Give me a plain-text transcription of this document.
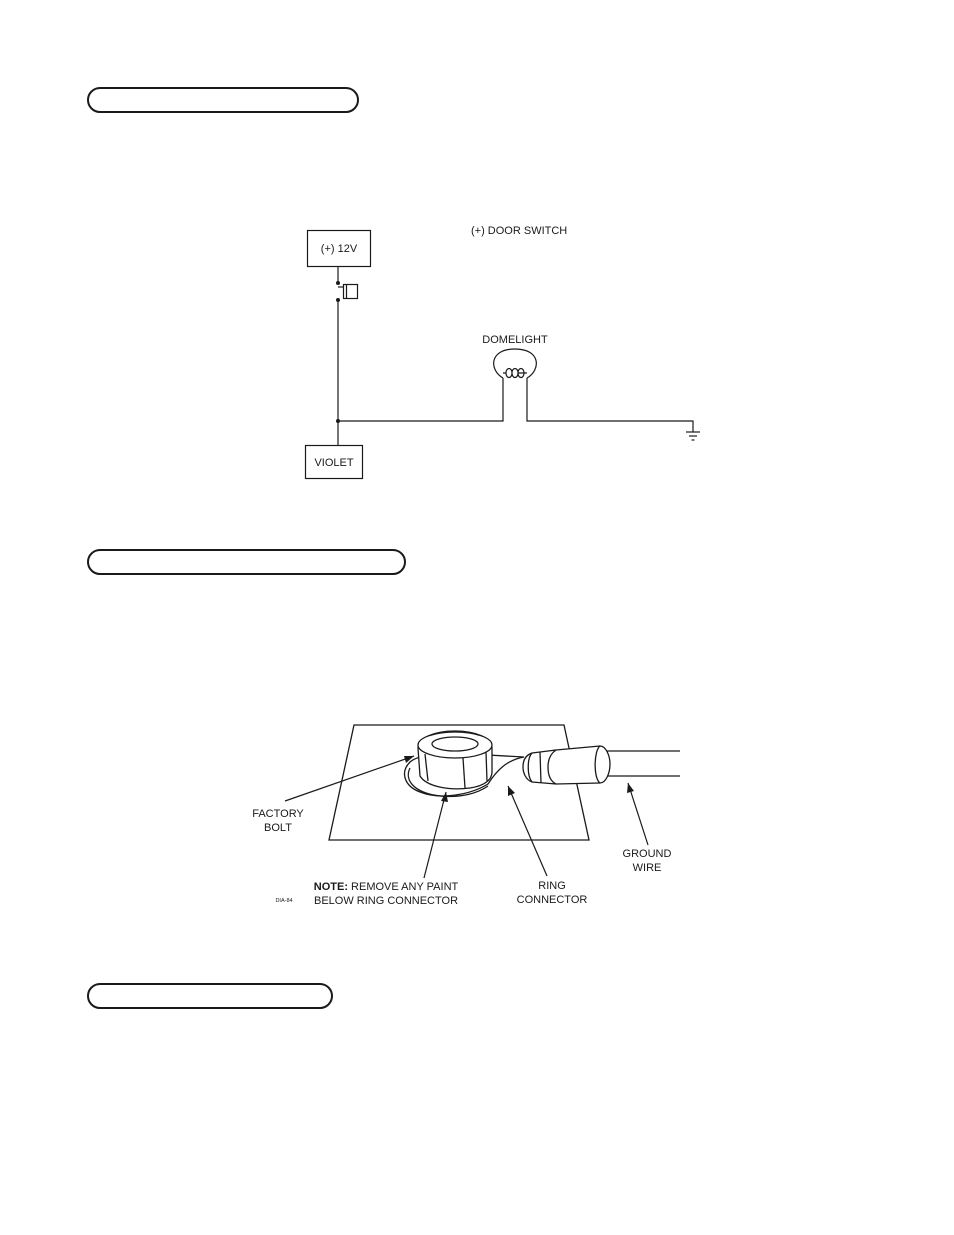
(+) 12V
(+) DOOR SWITCH
DOMELIGHT
VIOLET
FACTORY
BOLT
NOTE: REMOVE ANY PAINT
BELOW RING CONNECTOR
RING
CONNECTOR
GROUND
WIRE
DIA-84
